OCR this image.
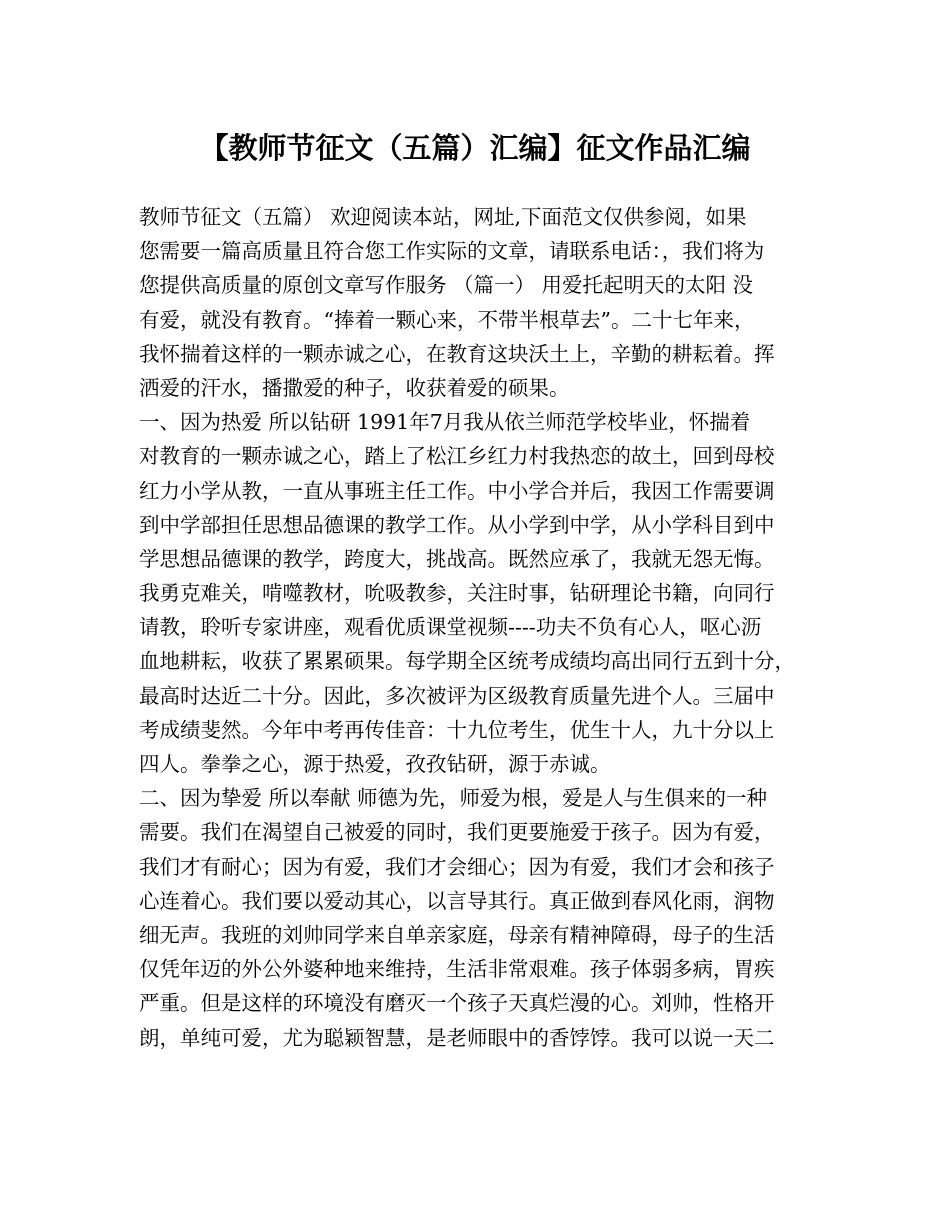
【教师节征文（五篇）汇编】征文作品汇编
教师节征文（五篇） 欢迎阅读本站，网址,下面范文仅供参阅，如果
您需要一篇高质量且符合您工作实际的文章，请联系电话：，我们将为
您提供高质量的原创文章写作服务 （篇一） 用爱托起明天的太阳 没
有爱，就没有教育。“捧着一颗心来，不带半根草去”。二十七年来，
我怀揣着这样的一颗赤诚之心，在教育这块沃土上，辛勤的耕耘着。挥
洒爱的汗水，播撒爱的种子，收获着爱的硕果。
一、因为热爱 所以钻研 1991年7月我从依兰师范学校毕业，怀揣着
对教育的一颗赤诚之心，踏上了松江乡红力村我热恋的故土，回到母校
红力小学从教，一直从事班主任工作。中小学合并后，我因工作需要调
到中学部担任思想品德课的教学工作。从小学到中学，从小学科目到中
学思想品德课的教学，跨度大，挑战高。既然应承了，我就无怨无悔。
我勇克难关，啃噬教材，吮吸教参，关注时事，钻研理论书籍，向同行
请教，聆听专家讲座，观看优质课堂视频----功夫不负有心人，呕心沥
血地耕耘，收获了累累硕果。每学期全区统考成绩均高出同行五到十分，
最高时达近二十分。因此，多次被评为区级教育质量先进个人。三届中
考成绩斐然。今年中考再传佳音：十九位考生，优生十人，九十分以上
四人。拳拳之心，源于热爱，孜孜钻研，源于赤诚。
二、因为挚爱 所以奉献 师德为先，师爱为根，爱是人与生俱来的一种
需要。我们在渴望自己被爱的同时，我们更要施爱于孩子。因为有爱，
我们才有耐心；因为有爱，我们才会细心；因为有爱，我们才会和孩子
心连着心。我们要以爱动其心，以言导其行。真正做到春风化雨，润物
细无声。我班的刘帅同学来自单亲家庭，母亲有精神障碍，母子的生活
仅凭年迈的外公外婆种地来维持，生活非常艰难。孩子体弱多病，胃疾
严重。但是这样的环境没有磨灭一个孩子天真烂漫的心。刘帅，性格开
朗，单纯可爱，尤为聪颖智慧，是老师眼中的香饽饽。我可以说一天二
